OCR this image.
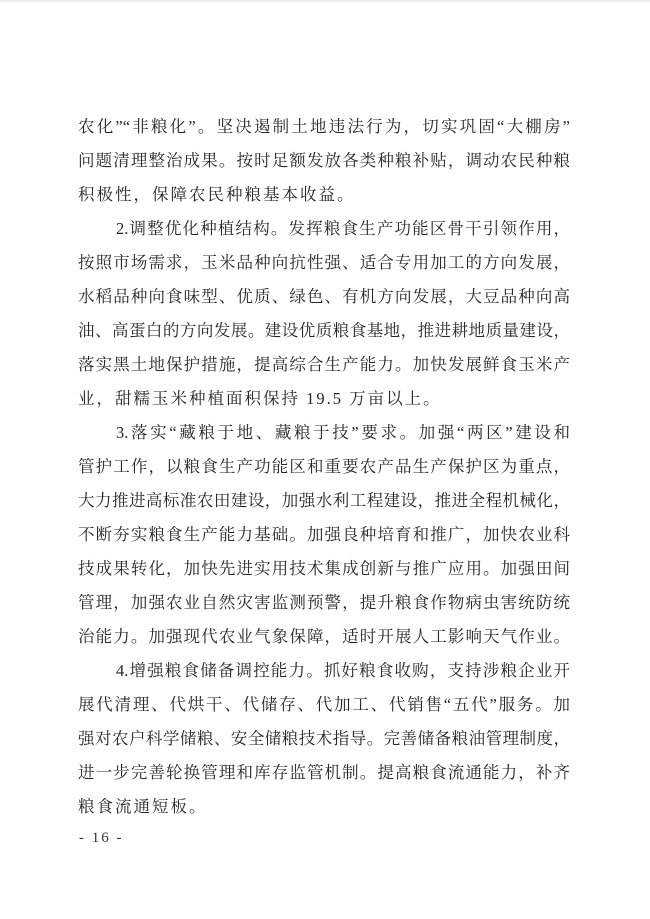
农化”“非粮化”。坚决遏制土地违法行为，切实巩固“大棚房”
问题清理整治成果。按时足额发放各类种粮补贴，调动农民种粮
积极性，保障农民种粮基本收益。
2.调整优化种植结构。发挥粮食生产功能区骨干引领作用，
按照市场需求，玉米品种向抗性强、适合专用加工的方向发展，
水稻品种向食味型、优质、绿色、有机方向发展，大豆品种向高
油、高蛋白的方向发展。建设优质粮食基地，推进耕地质量建设，
落实黑土地保护措施，提高综合生产能力。加快发展鲜食玉米产
业，甜糯玉米种植面积保持 19.5 万亩以上。
3.落实“藏粮于地、藏粮于技”要求。加强“两区”建设和
管护工作，以粮食生产功能区和重要农产品生产保护区为重点，
大力推进高标准农田建设，加强水利工程建设，推进全程机械化，
不断夯实粮食生产能力基础。加强良种培育和推广，加快农业科
技成果转化，加快先进实用技术集成创新与推广应用。加强田间
管理，加强农业自然灾害监测预警，提升粮食作物病虫害统防统
治能力。加强现代农业气象保障，适时开展人工影响天气作业。
4.增强粮食储备调控能力。抓好粮食收购，支持涉粮企业开
展代清理、代烘干、代储存、代加工、代销售“五代”服务。加
强对农户科学储粮、安全储粮技术指导。完善储备粮油管理制度，
进一步完善轮换管理和库存监管机制。提高粮食流通能力，补齐
粮食流通短板。
- 16 -
